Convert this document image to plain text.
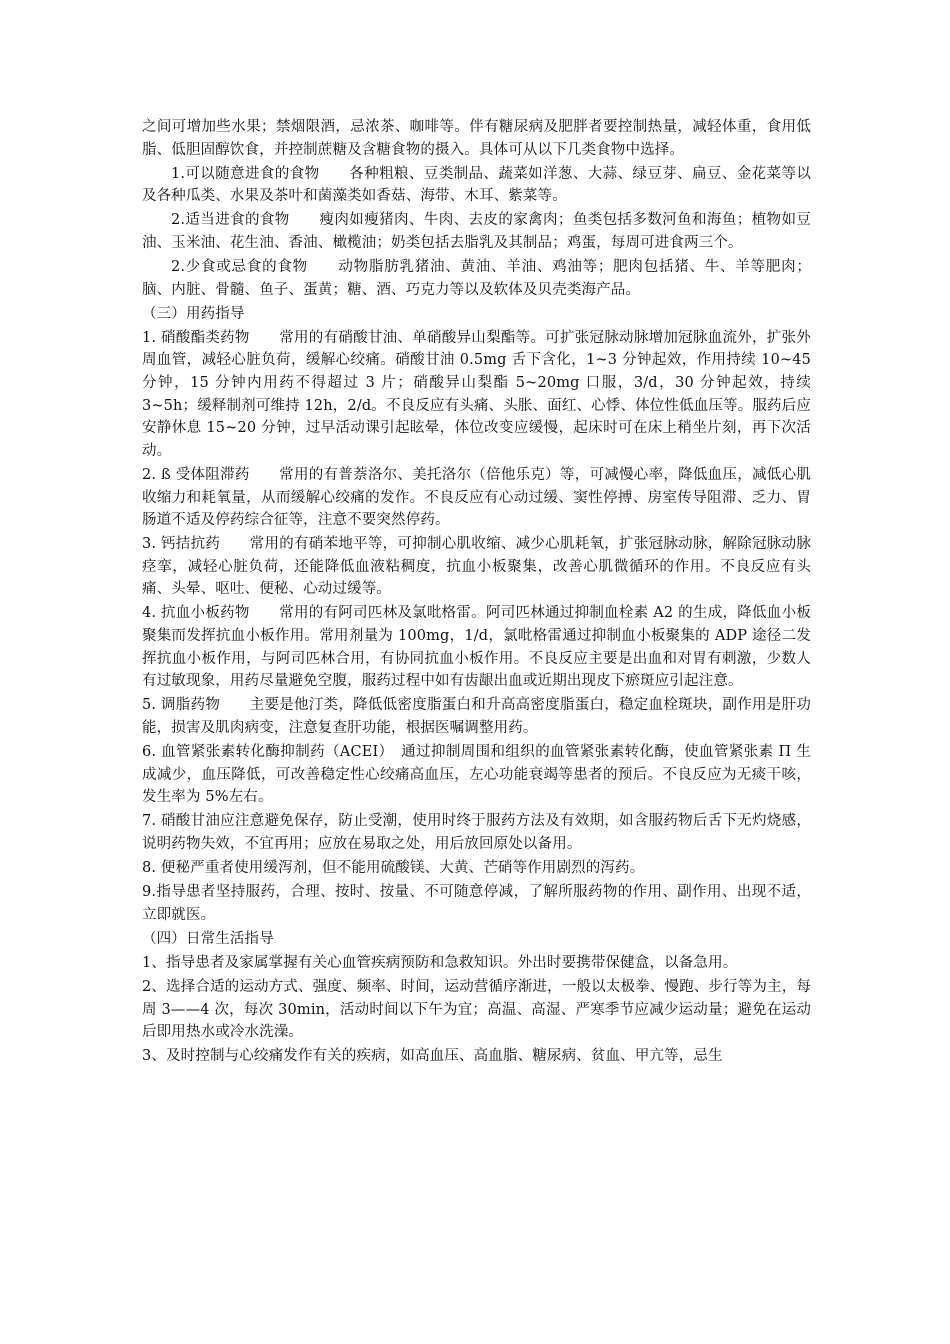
之间可增加些水果；禁烟限酒，忌浓茶、咖啡等。伴有糖尿病及肥胖者要控制热量，减轻体重，食用低脂、低胆固醇饮食，并控制蔗糖及含糖食物的摄入。具体可从以下几类食物中选择。

1.可以随意进食的食物　　各种粗粮、豆类制品、蔬菜如洋葱、大蒜、绿豆芽、扁豆、金花菜等以及各种瓜类、水果及茶叶和菌藻类如香菇、海带、木耳、紫菜等。

2.适当进食的食物　　瘦肉如瘦猪肉、牛肉、去皮的家禽肉；鱼类包括多数河鱼和海鱼；植物如豆油、玉米油、花生油、香油、橄榄油；奶类包括去脂乳及其制品；鸡蛋，每周可进食两三个。

2.少食或忌食的食物　　动物脂肪乳猪油、黄油、羊油、鸡油等；肥肉包括猪、牛、羊等肥肉；脑、内脏、骨髓、鱼子、蛋黄；糖、酒、巧克力等以及软体及贝壳类海产品。

（三）用药指导

1. 硝酸酯类药物　　常用的有硝酸甘油、单硝酸异山梨酯等。可扩张冠脉动脉增加冠脉血流外，扩张外周血管，减轻心脏负荷，缓解心绞痛。硝酸甘油 0.5mg 舌下含化，1~3 分钟起效，作用持续 10~45 分钟，15 分钟内用药不得超过 3 片；硝酸异山梨酯 5~20mg 口服，3/d，30 分钟起效，持续 3~5h；缓释制剂可维持 12h，2/d。不良反应有头痛、头胀、面红、心悸、体位性低血压等。服药后应安静休息 15~20 分钟，过早活动课引起眩晕，体位改变应缓慢，起床时可在床上稍坐片刻，再下次活动。

2. ß 受体阻滞药　　常用的有普萘洛尔、美托洛尔（倍他乐克）等，可减慢心率，降低血压，减低心肌收缩力和耗氧量，从而缓解心绞痛的发作。不良反应有心动过缓、窦性停搏、房室传导阻滞、乏力、胃肠道不适及停药综合征等，注意不要突然停药。

3. 钙拮抗药　　常用的有硝苯地平等，可抑制心肌收缩、减少心肌耗氧，扩张冠脉动脉，解除冠脉动脉痉挛，减轻心脏负荷，还能降低血液粘稠度，抗血小板聚集，改善心肌微循环的作用。不良反应有头痛、头晕、呕吐、便秘、心动过缓等。

4. 抗血小板药物　　常用的有阿司匹林及氯吡格雷。阿司匹林通过抑制血栓素 A2 的生成，降低血小板聚集而发挥抗血小板作用。常用剂量为 100mg，1/d，氯吡格雷通过抑制血小板聚集的 ADP 途径二发挥抗血小板作用，与阿司匹林合用，有协同抗血小板作用。不良反应主要是出血和对胃有刺激，少数人有过敏现象，用药尽量避免空腹，服药过程中如有齿龈出血或近期出现皮下瘀斑应引起注意。

5. 调脂药物　　主要是他汀类，降低低密度脂蛋白和升高高密度脂蛋白，稳定血栓斑块，副作用是肝功能，损害及肌肉病变，注意复查肝功能，根据医嘱调整用药。

6. 血管紧张素转化酶抑制药（ACEI）　通过抑制周围和组织的血管紧张素转化酶，使血管紧张素 Π 生成减少，血压降低，可改善稳定性心绞痛高血压，左心功能衰竭等患者的预后。不良反应为无痰干咳，发生率为 5%左右。

7. 硝酸甘油应注意避免保存，防止受潮，使用时终于服药方法及有效期，如含服药物后舌下无灼烧感，说明药物失效，不宜再用；应放在易取之处，用后放回原处以备用。

8. 便秘严重者使用缓泻剂，但不能用硫酸镁、大黄、芒硝等作用剧烈的泻药。

9.指导患者坚持服药，合理、按时、按量、不可随意停减，了解所服药物的作用、副作用、出现不适，立即就医。

（四）日常生活指导

1、指导患者及家属掌握有关心血管疾病预防和急救知识。外出时要携带保健盒，以备急用。

2、选择合适的运动方式、强度、频率、时间，运动营循序渐进，一般以太极拳、慢跑、步行等为主，每周 3——4 次，每次 30min，活动时间以下午为宜；高温、高湿、严寒季节应减少运动量；避免在运动后即用热水或冷水洗澡。

3、及时控制与心绞痛发作有关的疾病，如高血压、高血脂、糖尿病、贫血、甲亢等，忌生
